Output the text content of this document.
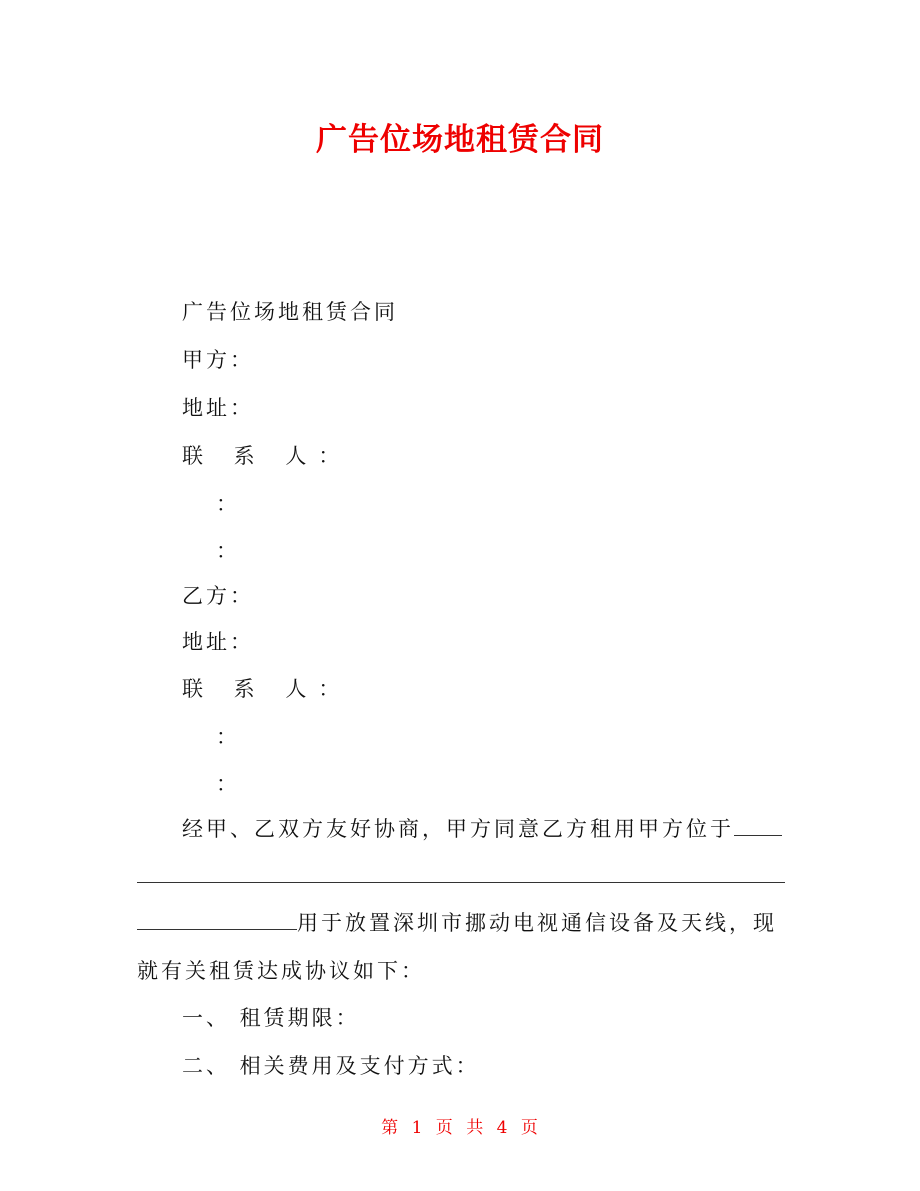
广告位场地租赁合同
广告位场地租赁合同
甲方：
地址：
联 系 人：
：
：
乙方：
地址：
联 系 人：
：
：
经甲、乙双方友好协商，甲方同意乙方租用甲方位于
用于放置深圳市挪动电视通信设备及天线，现
就有关租赁达成协议如下：
一、 租赁期限：
二、 相关费用及支付方式：
第 1 页 共 4 页
